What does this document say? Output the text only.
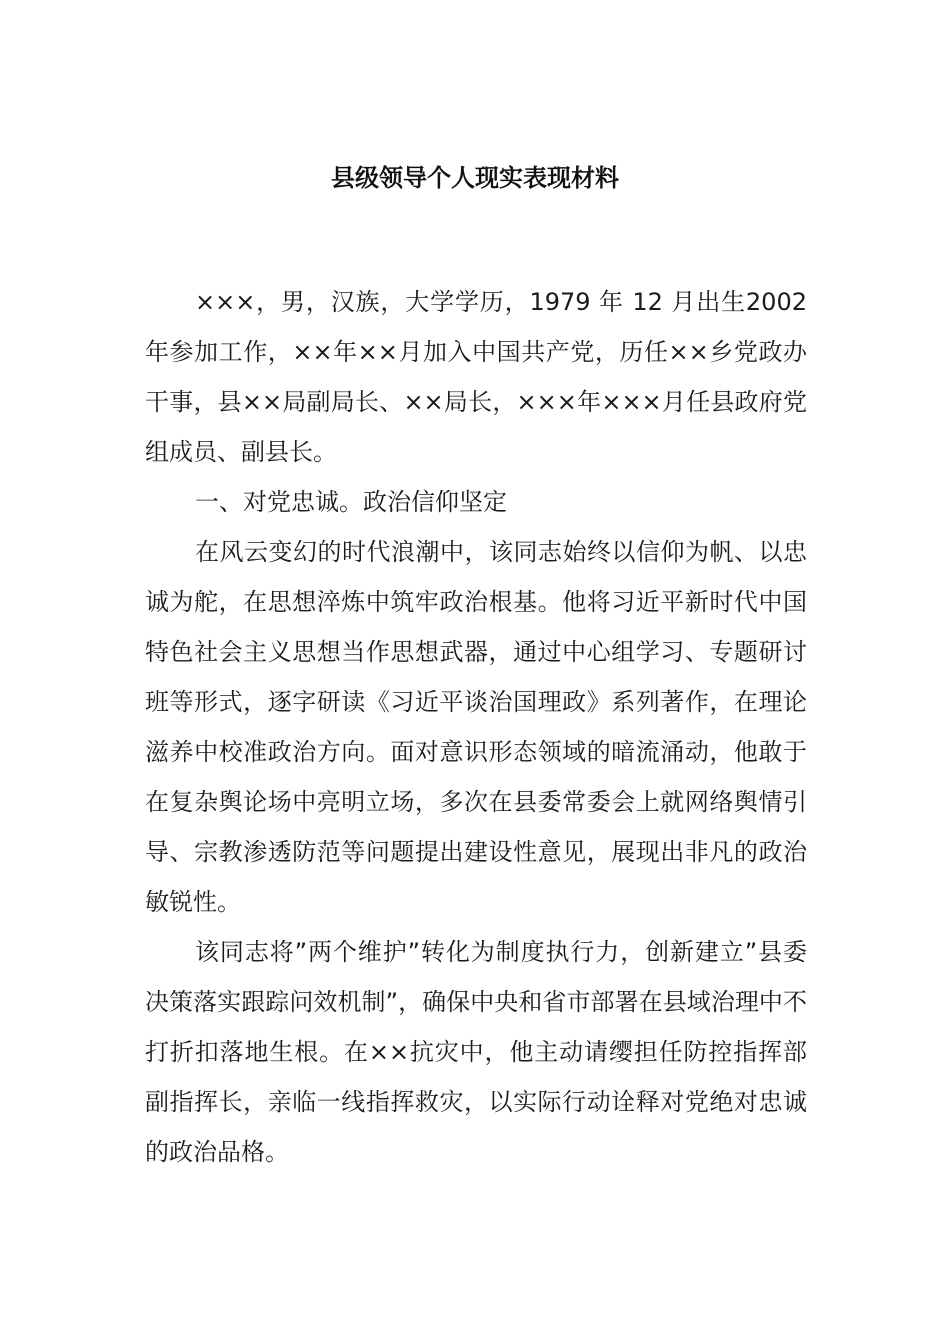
县级领导个人现实表现材料

×××，男，汉族，大学学历，1979 年 12 月出生2002 年参加工作，××年××月加入中国共产党，历任××乡党政办干事，县××局副局长、××局长，×××年×××月任县政府党组成员、副县长。

一、对党忠诚。政治信仰坚定

在风云变幻的时代浪潮中，该同志始终以信仰为帆、以忠诚为舵，在思想淬炼中筑牢政治根基。他将习近平新时代中国特色社会主义思想当作思想武器，通过中心组学习、专题研讨班等形式，逐字研读《习近平谈治国理政》系列著作，在理论滋养中校准政治方向。面对意识形态领域的暗流涌动，他敢于在复杂舆论场中亮明立场，多次在县委常委会上就网络舆情引导、宗教渗透防范等问题提出建设性意见，展现出非凡的政治敏锐性。

该同志将”两个维护”转化为制度执行力，创新建立”县委决策落实跟踪问效机制”，确保中央和省市部署在县域治理中不打折扣落地生根。在××抗灾中，他主动请缨担任防控指挥部副指挥长，亲临一线指挥救灾，以实际行动诠释对党绝对忠诚的政治品格。
